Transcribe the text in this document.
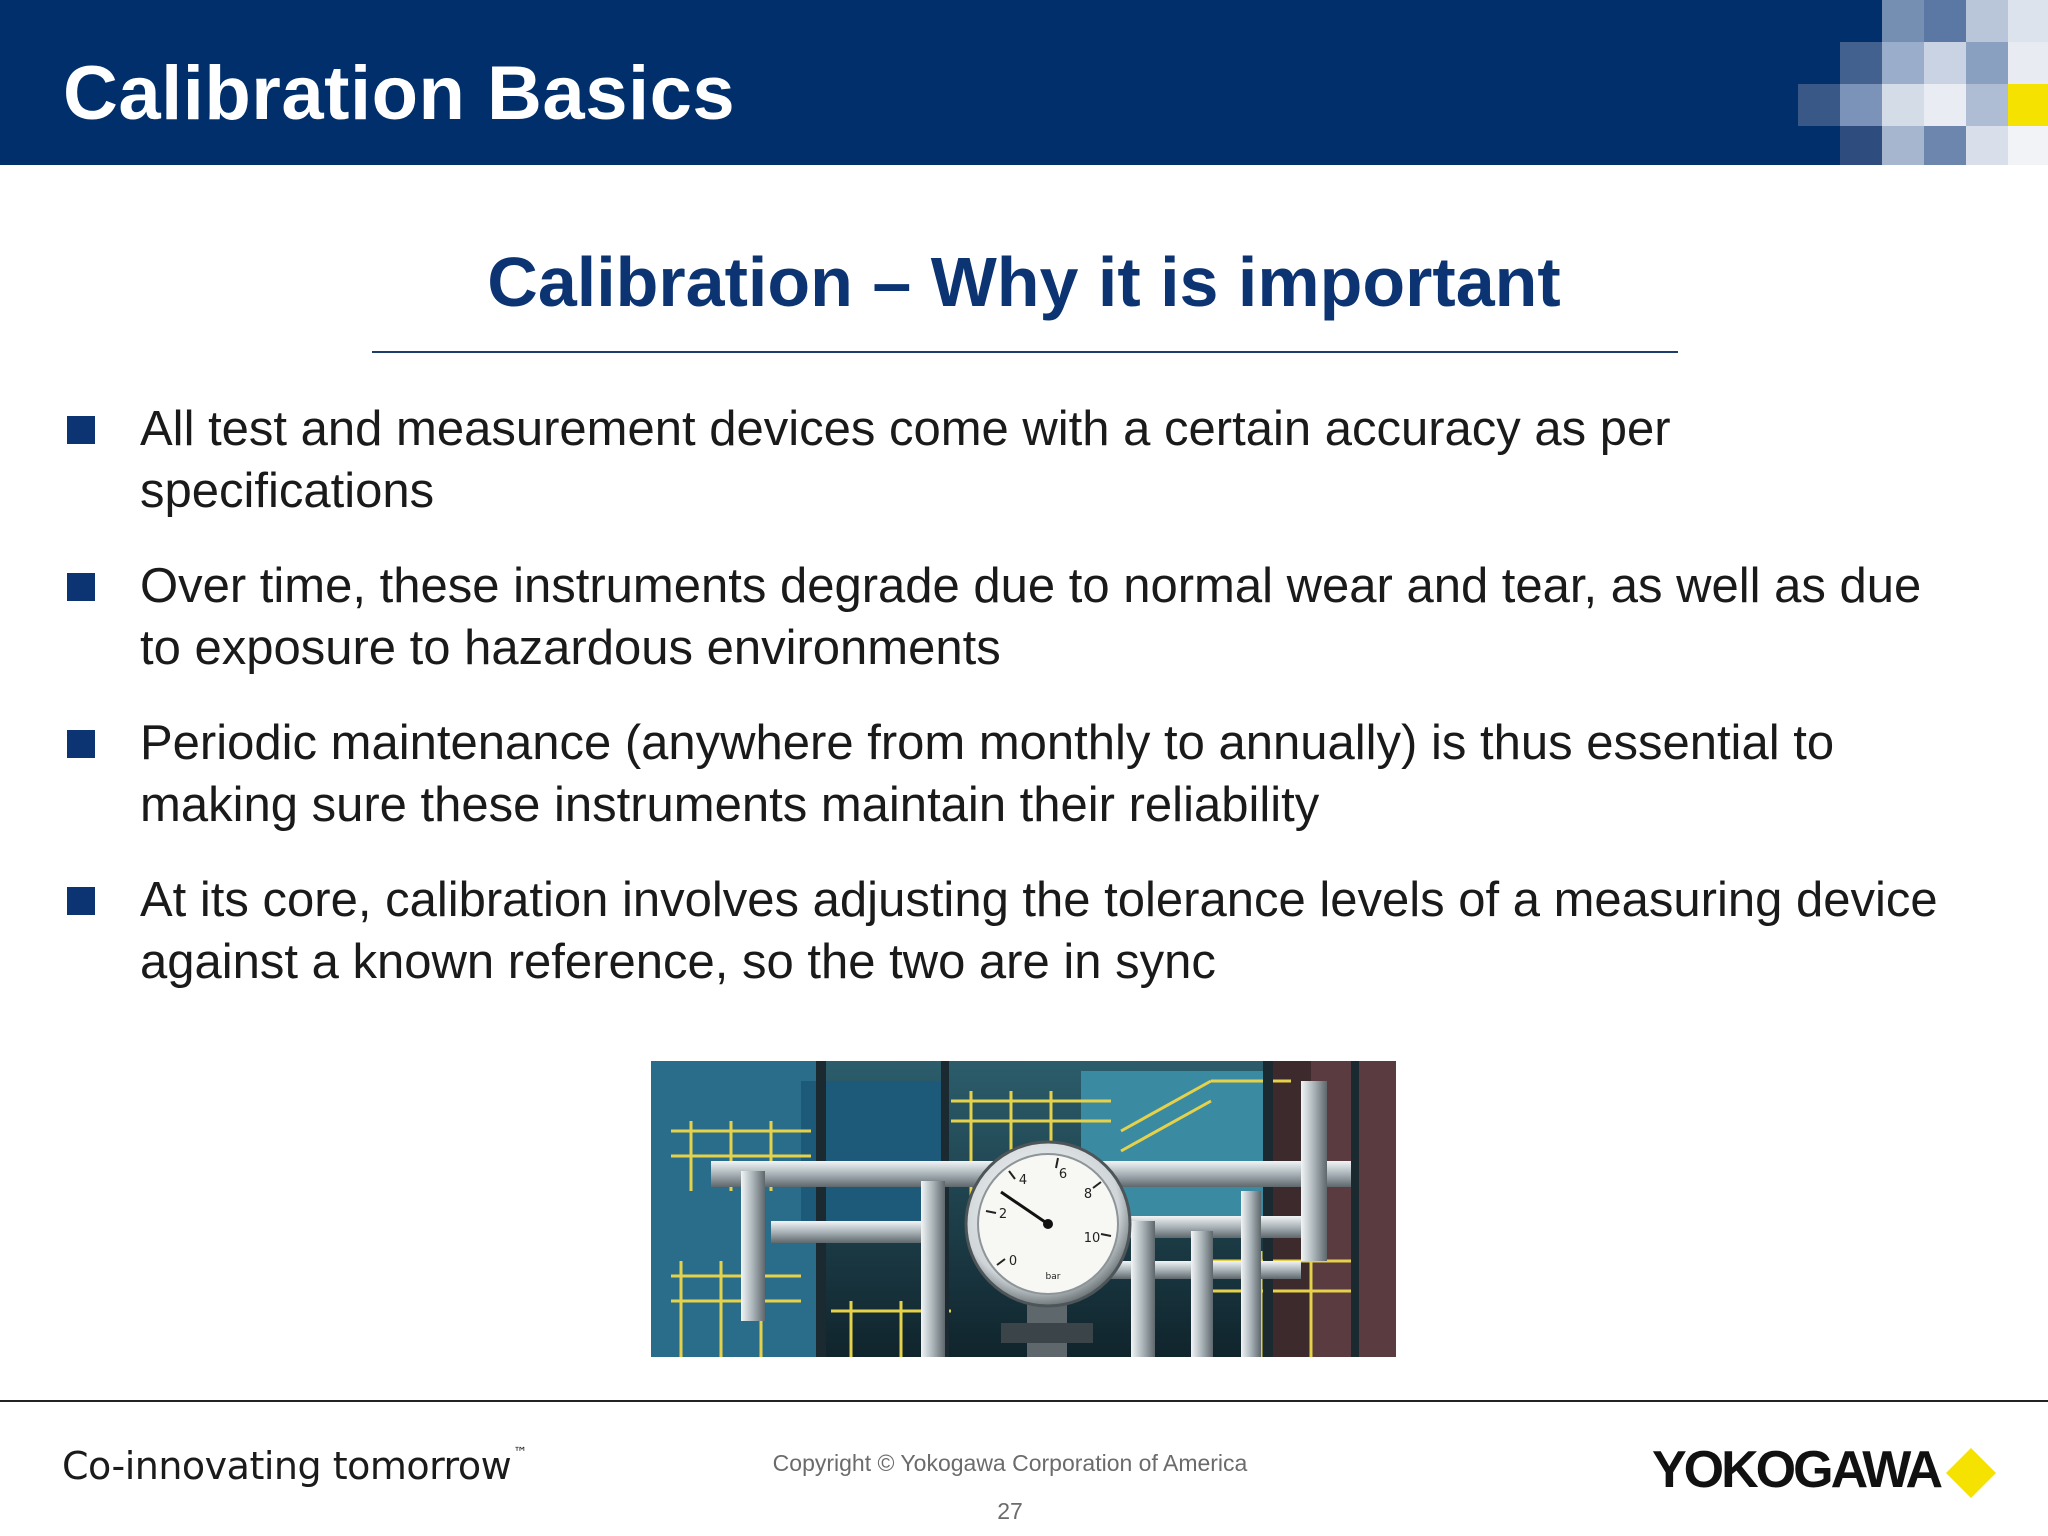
Calibration Basics
Calibration – Why it is important
All test and measurement devices come with a certain accuracy as per specifications
Over time, these instruments degrade due to normal wear and tear, as well as due to exposure to hazardous environments
Periodic maintenance (anywhere from monthly to annually) is thus essential to making sure these instruments maintain their reliability
At its core, calibration involves adjusting the tolerance levels of a measuring device against a known reference, so the two are in sync
0
2
4 6
8
10
bar
Co-innovating tomorrow ™	Copyright © Yokogawa Corporation of America
27
YOKOGAWA
